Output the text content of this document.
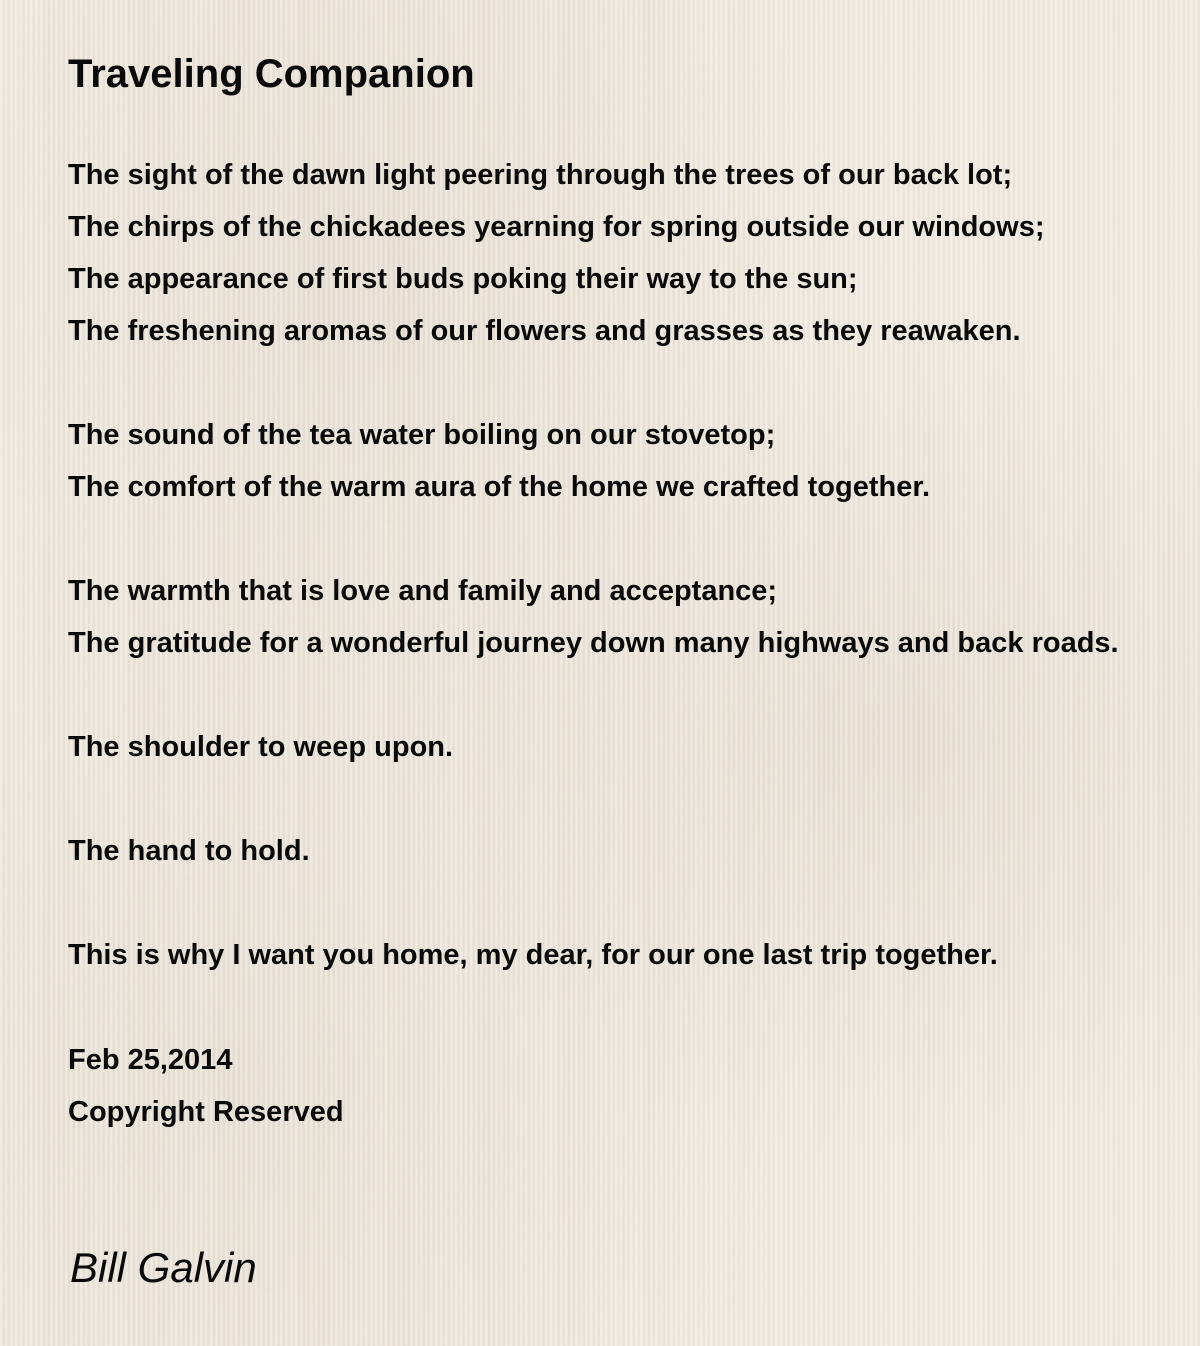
Traveling Companion
The sight of the dawn light peering through the trees of our back lot;
The chirps of the chickadees yearning for spring outside our windows;
The appearance of first buds poking their way to the sun;
The freshening aromas of our flowers and grasses as they reawaken.
The sound of the tea water boiling on our stovetop;
The comfort of the warm aura of the home we crafted together.
The warmth that is love and family and acceptance;
The gratitude for a wonderful journey down many highways and back roads.
The shoulder to weep upon.
The hand to hold.
This is why I want you home, my dear, for our one last trip together.
Feb 25,2014
Copyright Reserved
Bill Galvin
